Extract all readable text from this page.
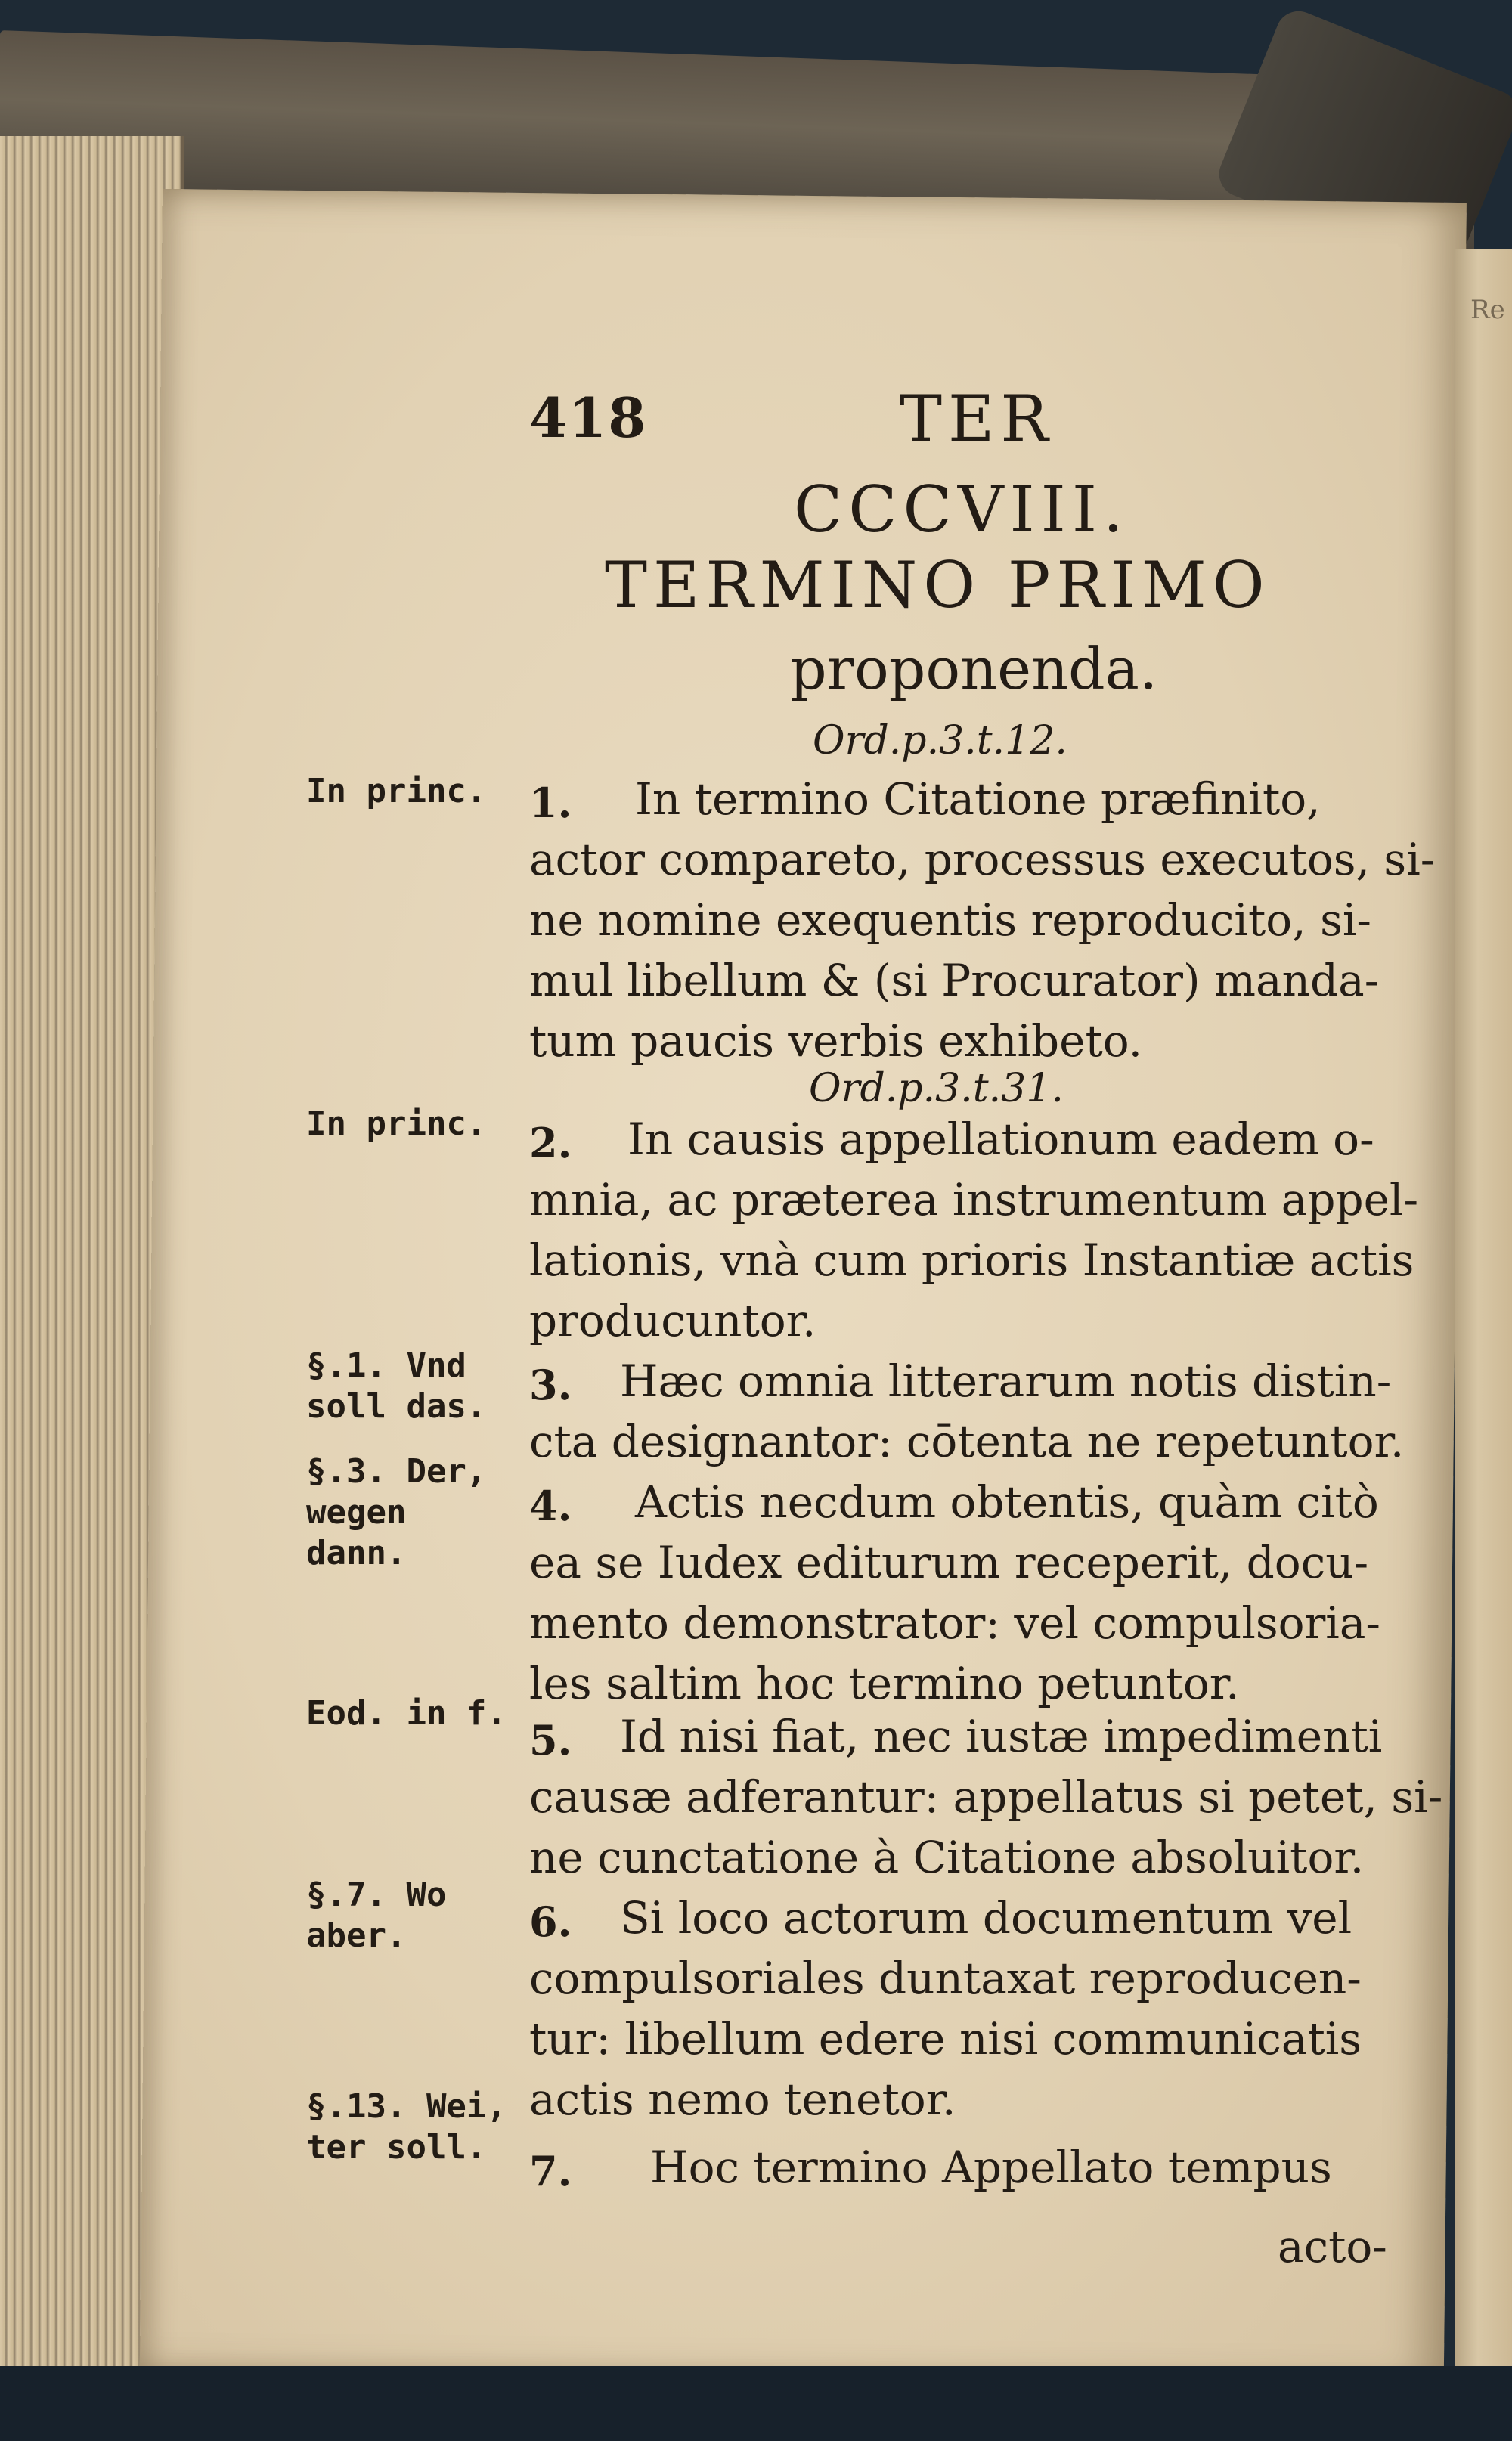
Re
418	TER
CCCVIII.
TERMINO PRIMO
proponenda.
Ord.p.3.t.12.
Ord.p.3.t.31.
In princ.
In princ.
§.1. Vnd
soll das.
§.3. Der,
wegen
dann.
Eod. in f.
§.7. Wo
aber.
§.13. Wei,
ter soll.
1. In termino Citatione præfinito,
actor compareto, processus executos, si-
ne nomine exequentis reproducito, si-
mul libellum & (si Procurator) manda-
tum paucis verbis exhibeto.
2. In causis appellationum eadem o-
mnia, ac prætereа instrumentum appel-
lationis, vnà cum prioris Instantiæ actis
producuntor.
3. Hæc omnia litterarum notis distin-
cta designantor: cōtenta ne repetuntor.
4. Actis necdum obtentis, quàm citò
ea se Iudex editurum receperit, docu-
mento demonstrator: vel compulsoria-
les saltim hoc termino petuntor.
5. Id nisi fiat, nec iustæ impedimenti
causæ adferantur: appellatus si petet, si-
ne cunctatione à Citatione absoluitor.
6. Si loco actorum documentum vel
compulsoriales duntaxat reproducen-
tur: libellum edere nisi communicatis
actis nemo tenetor.
7. Hoc termino Appellato tempus
acto-
